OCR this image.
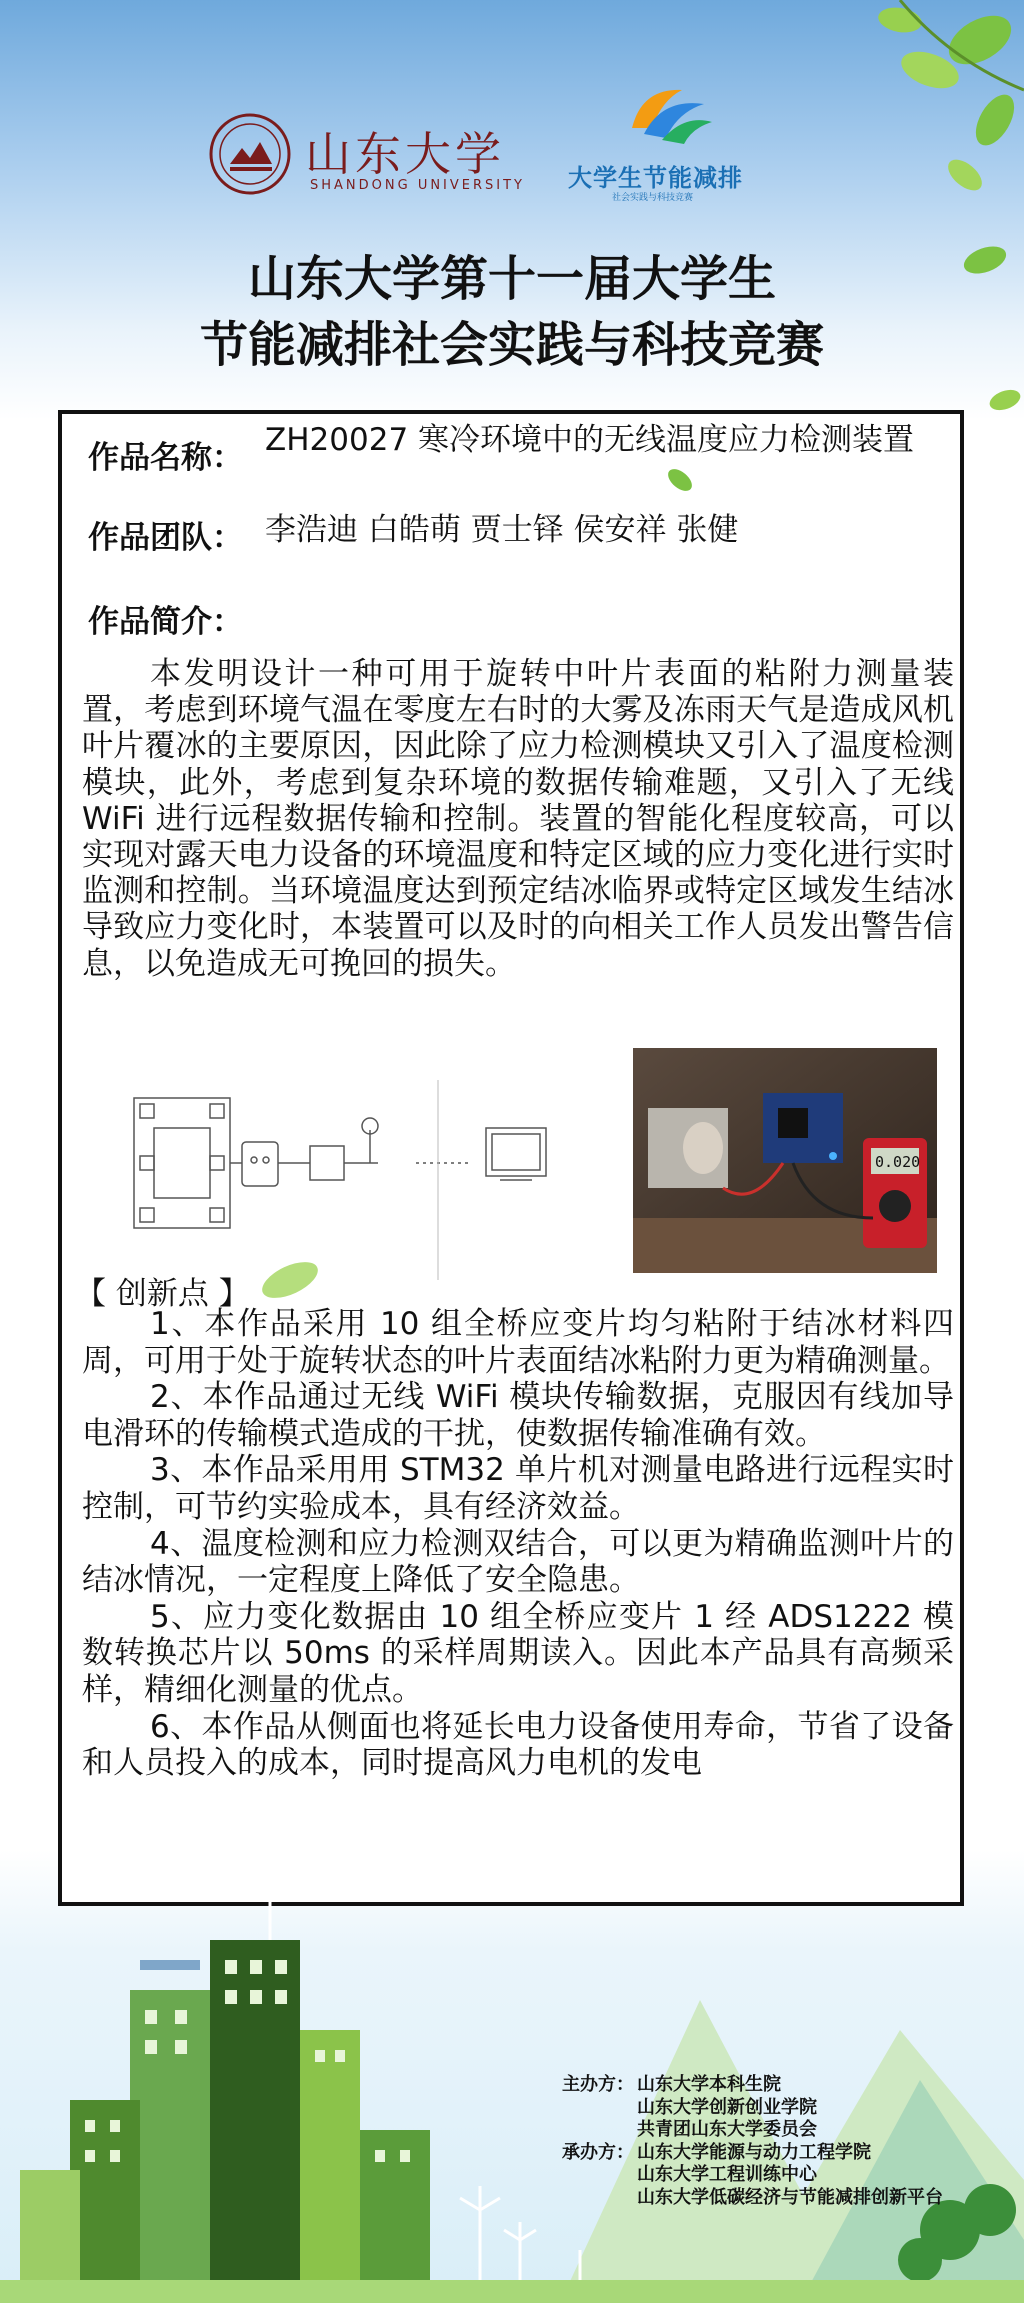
山东大学
SHANDONG UNIVERSITY 大学生节能减排
社会实践与科技竞赛
山东大学第十一届大学生
节能减排社会实践与科技竞赛
作品名称： ZH20027 寒冷环境中的无线温度应力检测装置
作品团队： 李浩迪 白皓萌 贾士铎 侯安祥 张健
作品简介：
本发明设计一种可用于旋转中叶片表面的粘附力测量装置，考虑到环境气温在零度左右时的大雾及冻雨天气是造成风机叶片覆冰的主要原因，因此除了应力检测模块又引入了温度检测模块，此外，考虑到复杂环境的数据传输难题，又引入了无线 WiFi 进行远程数据传输和控制。装置的智能化程度较高，可以实现对露天电力设备的环境温度和特定区域的应力变化进行实时监测和控制。当环境温度达到预定结冰临界或特定区域发生结冰导致应力变化时，本装置可以及时的向相关工作人员发出警告信息，以免造成无可挽回的损失。
0.020
【 创新点 】

1、本作品采用 10 组全桥应变片均匀粘附于结冰材料四周，可用于处于旋转状态的叶片表面结冰粘附力更为精确测量。

2、本作品通过无线 WiFi 模块传输数据，克服因有线加导电滑环的传输模式造成的干扰，使数据传输准确有效。

3、本作品采用用 STM32 单片机对测量电路进行远程实时控制，可节约实验成本，具有经济效益。

4、温度检测和应力检测双结合，可以更为精确监测叶片的结冰情况，一定程度上降低了安全隐患。

5、应力变化数据由 10 组全桥应变片 1 经 ADS1222 模数转换芯片以 50ms 的采样周期读入。因此本产品具有高频采样，精细化测量的优点。

6、本作品从侧面也将延长电力设备使用寿命，节省了设备和人员投入的成本，同时提高风力电机的发电

主办方： 山东大学本科生院
山东大学创新创业学院
共青团山东大学委员会
承办方： 山东大学能源与动力工程学院
山东大学工程训练中心
山东大学低碳经济与节能减排创新平台
